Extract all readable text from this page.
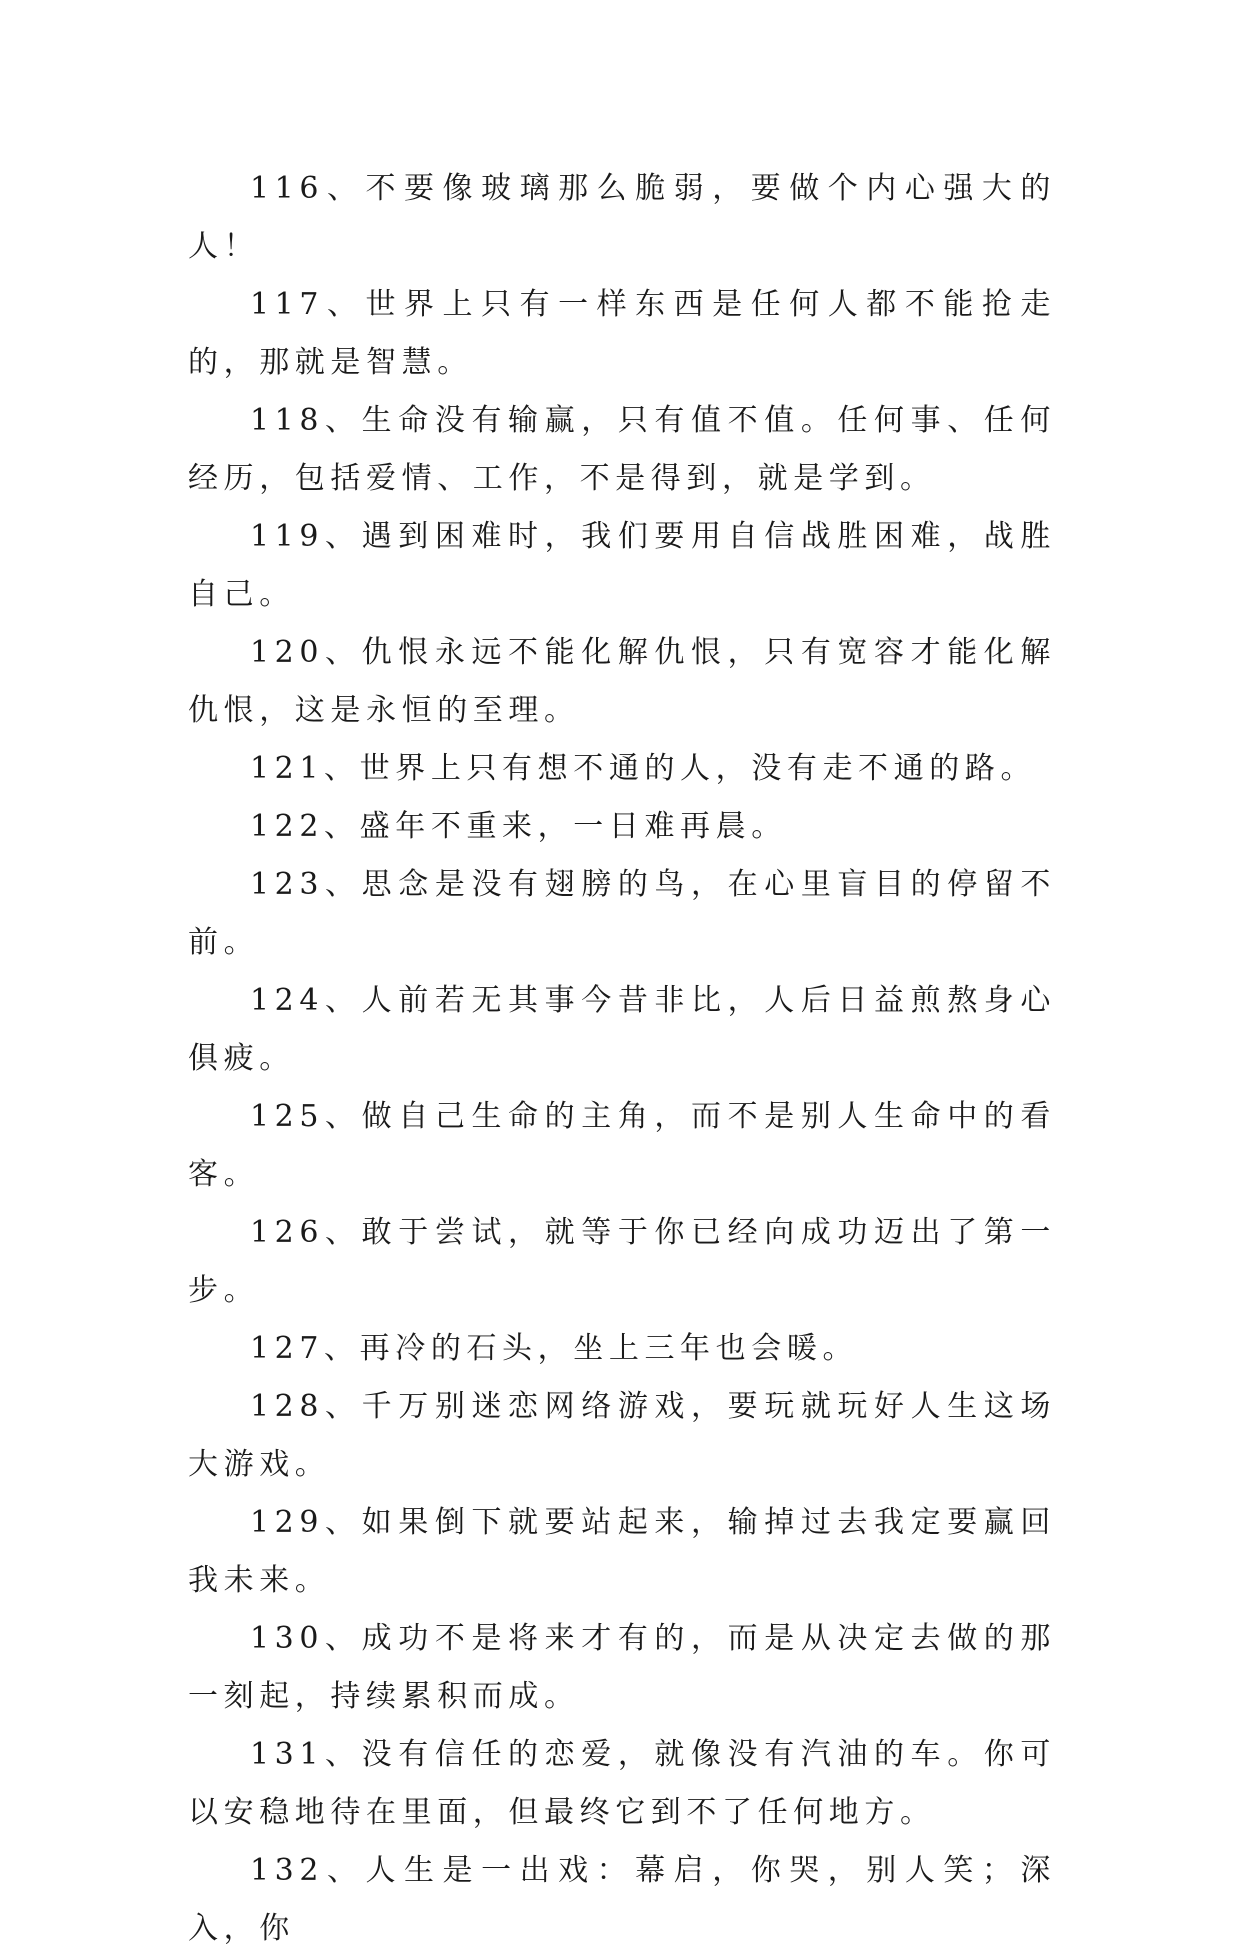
116、不要像玻璃那么脆弱，要做个内心强大的人！

117、世界上只有一样东西是任何人都不能抢走的，那就是智慧。

118、生命没有输赢，只有值不值。任何事、任何经历，包括爱情、工作，不是得到，就是学到。

119、遇到困难时，我们要用自信战胜困难，战胜自己。

120、仇恨永远不能化解仇恨，只有宽容才能化解仇恨，这是永恒的至理。

121、世界上只有想不通的人，没有走不通的路。

122、盛年不重来，一日难再晨。

123、思念是没有翅膀的鸟，在心里盲目的停留不前。

124、人前若无其事今昔非比，人后日益煎熬身心俱疲。

125、做自己生命的主角，而不是别人生命中的看客。

126、敢于尝试，就等于你已经向成功迈出了第一步。

127、再冷的石头，坐上三年也会暖。

128、千万别迷恋网络游戏，要玩就玩好人生这场大游戏。

129、如果倒下就要站起来，输掉过去我定要赢回我未来。

130、成功不是将来才有的，而是从决定去做的那一刻起，持续累积而成。

131、没有信任的恋爱，就像没有汽油的车。你可以安稳地待在里面，但最终它到不了任何地方。

132、人生是一出戏：幕启，你哭，别人笑；深入，你
